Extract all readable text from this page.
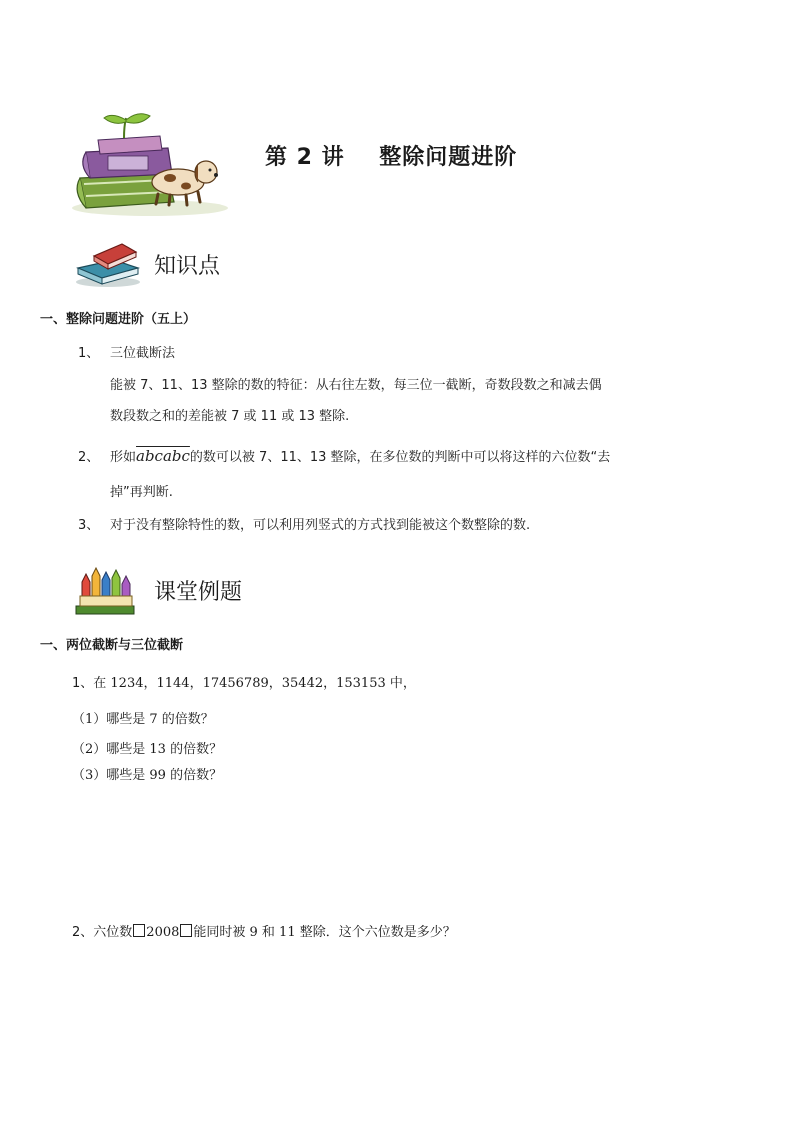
第 2 讲    整除问题进阶
知识点
一、整除问题进阶（五上）
1、 三位截断法
能被 7、11、13 整除的数的特征：从右往左数，每三位一截断，奇数段数之和减去偶
数段数之和的差能被 7 或 11 或 13 整除.
2、 形如abcabc的数可以被 7、11、13 整除，在多位数的判断中可以将这样的六位数“去
掉”再判断.
3、 对于没有整除特性的数，可以利用列竖式的方式找到能被这个数整除的数.
课堂例题
一、两位截断与三位截断
1、在 1234，1144，17456789，35442，153153 中，
（1）哪些是 7 的倍数？
（2）哪些是 13 的倍数？
（3）哪些是 99 的倍数？
2、六位数 2008 能同时被 9 和 11 整除．这个六位数是多少？
